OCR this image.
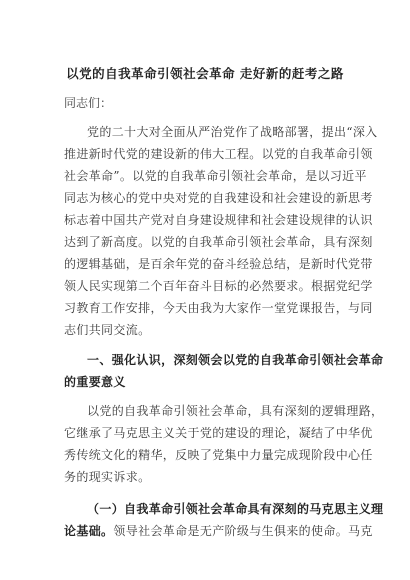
以党的自我革命引领社会革命 走好新的赶考之路
同志们：
党的二十大对全面从严治党作了战略部署，提出“深入
推进新时代党的建设新的伟大工程。以党的自我革命引领
社会革命”。以党的自我革命引领社会革命，是以习近平
同志为核心的党中央对党的自我建设和社会建设的新思考
标志着中国共产党对自身建设规律和社会建设规律的认识
达到了新高度。以党的自我革命引领社会革命，具有深刻
的逻辑基础，是百余年党的奋斗经验总结，是新时代党带
领人民实现第二个百年奋斗目标的必然要求。根据党纪学
习教育工作安排，今天由我为大家作一堂党课报告，与同
志们共同交流。
一、强化认识，深刻领会以党的自我革命引领社会革命
的重要意义
以党的自我革命引领社会革命，具有深刻的逻辑理路，
它继承了马克思主义关于党的建设的理论，凝结了中华优
秀传统文化的精华，反映了党集中力量完成现阶段中心任
务的现实诉求。
（一）自我革命引领社会革命具有深刻的马克思主义理
论基础。领导社会革命是无产阶级与生俱来的使命。马克
